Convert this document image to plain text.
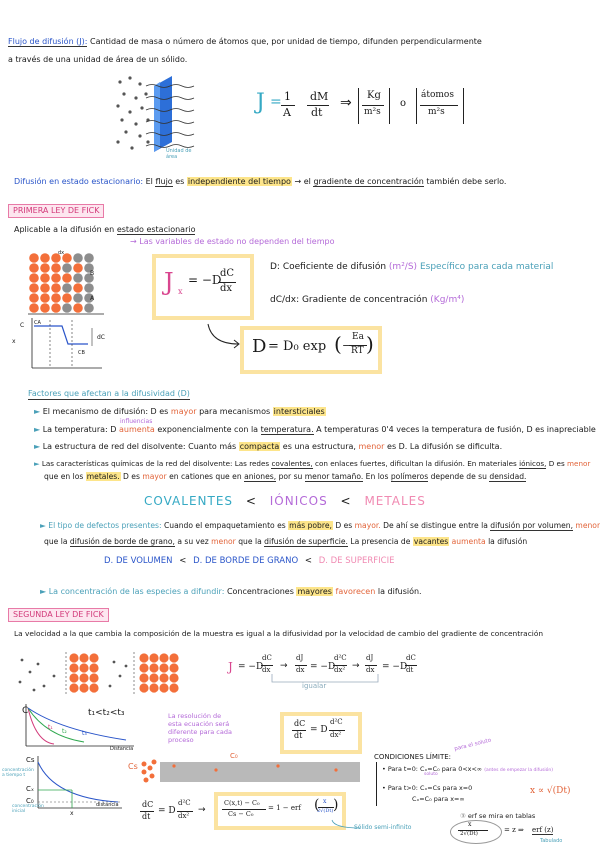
Flujo de difusión (J): Cantidad de masa o número de átomos que, por unidad de tiempo, difunden perpendicularmente
a través de una unidad de área de un sólido.
Unidad de área
J = 1
A
dM
dt
⇒ Kg
m²s
o
átomos
m²s
Difusión en estado estacionario: El flujo es independiente del tiempo → el gradiente de concentración también debe serlo.
PRIMERA LEY DE FICK
Aplicable a la difusión en estado estacionario
→ Las variables de estado no dependen del tiempo
B
A
dx
C
x
dC
CA
CB
J x
= −D
dC
dx
D: Coeficiente de difusión (m²/S) Específico para cada material
dC/dx: Gradiente de concentración (Kg/m⁴)
D = D₀ exp ( −
Ea
RT )
Factores que afectan a la difusividad (D)
► El mecanismo de difusión: D es mayor para mecanismos intersticiales
influencias
► La temperatura: D aumenta exponencialmente con la temperatura. A temperaturas 0'4 veces la temperatura de fusión, D es inapreciable
► La estructura de red del disolvente: Cuanto más compacta es una estructura, menor es D. La difusión se dificulta.
► Las características químicas de la red del disolvente: Las redes covalentes, con enlaces fuertes, dificultan la difusión. En materiales iónicos, D es menor
que en los metales. D es mayor en cationes que en aniones, por su menor tamaño. En los polímeros depende de su densidad.
COVALENTES < IÓNICOS < METALES
► El tipo de defectos presentes: Cuando el empaquetamiento es más pobre, D es mayor. De ahí se distingue entre la difusión por volumen, menor
que la difusión de borde de grano, a su vez menor que la difusión de superficie. La presencia de vacantes aumenta la difusión
D. DE VOLUMEN < D. DE BORDE DE GRANO < D. DE SUPERFICIE
► La concentración de las especies a difundir: Concentraciones mayores favorecen la difusión.
SEGUNDA LEY DE FICK
La velocidad a la que cambia la composición de la muestra es igual a la difusividad por la velocidad de cambio del gradiente de concentración
J = −D
dC
dx →
dJ
dx = −D
d²C
dx² →
dJ
dx = −D
dC
dt
igualar
C	t₁<t₂<t₃
t₁
t₂	t₃
Distancia
La resolución de esta ecuación será diferente para cada proceso
dC
dt
= D
d²C
dx²
Cs
C₀	CONDICIONES LÍMITE:
para el soluto
• Para t=0: Cₓ=C₀ para 0<x<∞ (antes de empezar la difusión)
soluto
• Para t>0: Cₓ=Cs para x=0
Cₓ=C₀ para x=∞
Cs
Cₓ
C₀
x
distancia
concentración a tiempo t
concentración inicial
dC
dt
= D
d²C
dx²
→
C(x,t) − C₀
Cs − C₀
= 1 − erf ( x
2√(Dt) )
Sólido semi-infinito
x ∝ √(Dt)
③ erf se mira en tablas
x
2√(Dt)	= z ⇒ erf (z)
Tabulado
